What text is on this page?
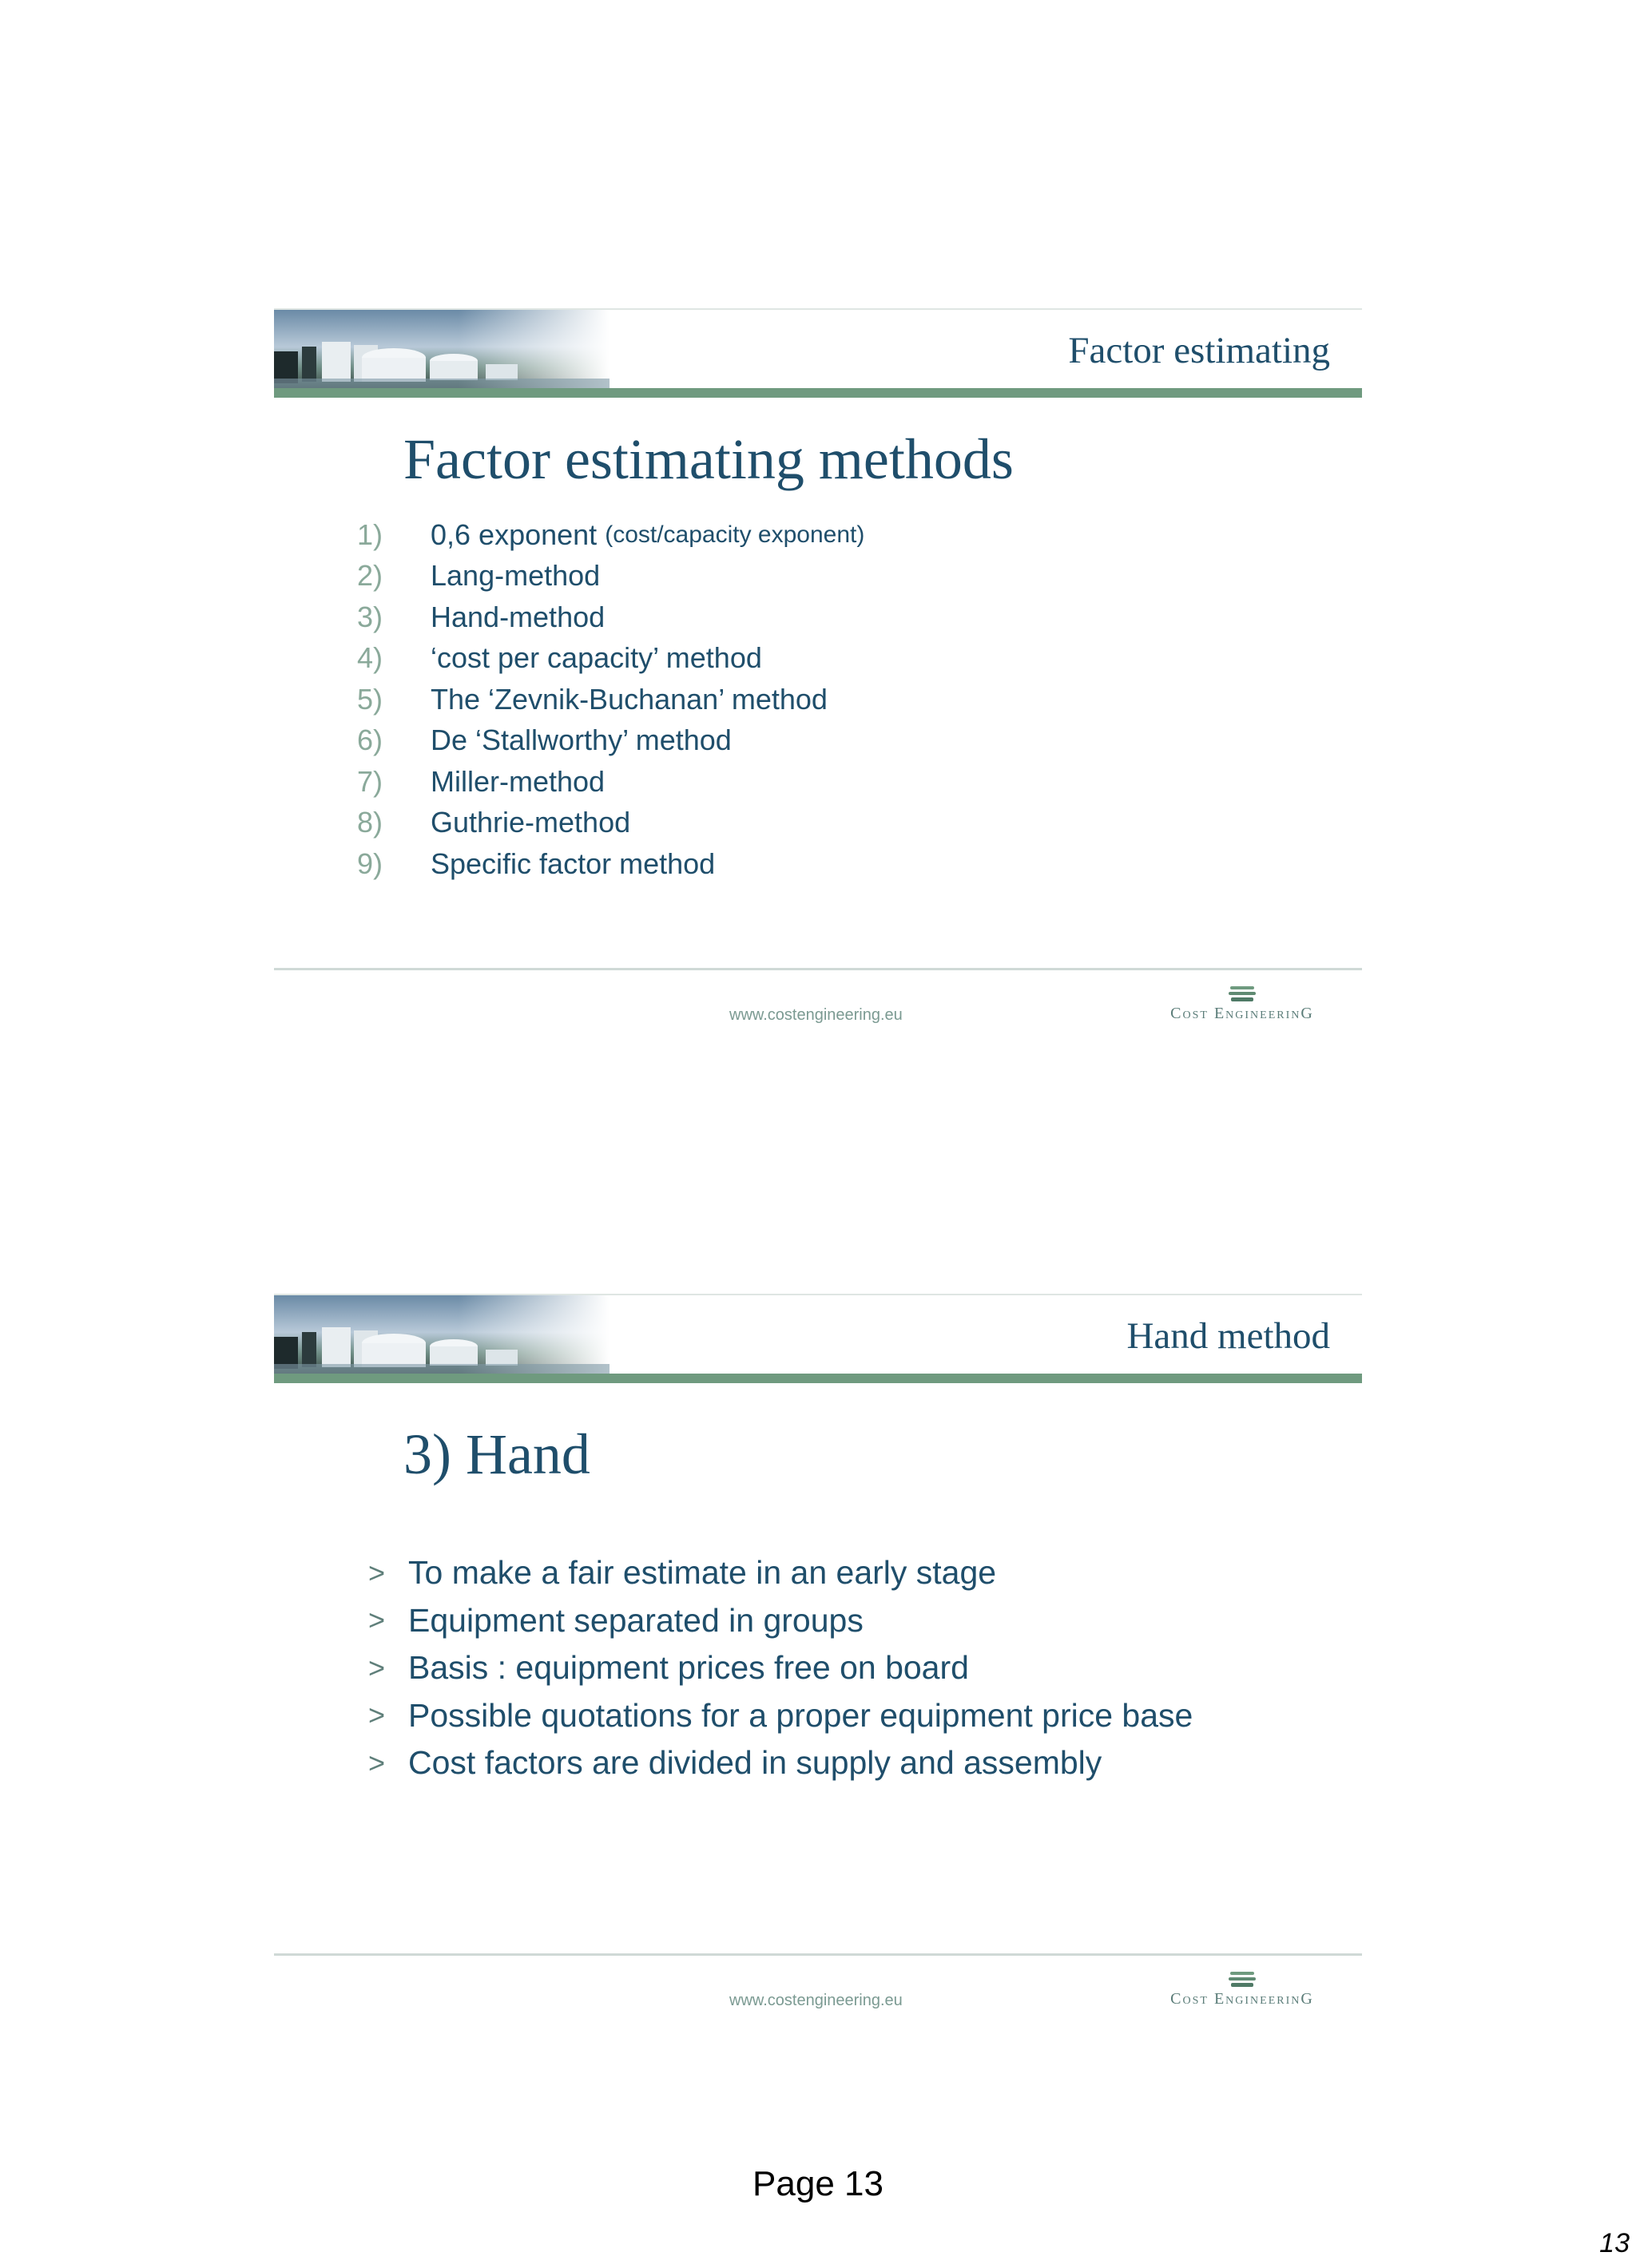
Factor estimating
Factor estimating methods
1)	0,6 exponent
(cost/capacity exponent)
2)	Lang-method
3)	Hand-method
4)	‘cost per capacity’ method
5)	The ‘Zevnik-Buchanan’ method
6)	De ‘Stallworthy’ method
7)	Miller-method
8)	Guthrie-method
9)	Specific factor method
www.costengineering.eu	Cost EngineerinG
Hand method
3) Hand
> To make a fair estimate in an early stage
> Equipment separated in groups
> Basis : equipment prices free on board
> Possible quotations for a proper equipment price base
> Cost factors are divided in supply and assembly
www.costengineering.eu	Cost EngineerinG
Page 13
13
